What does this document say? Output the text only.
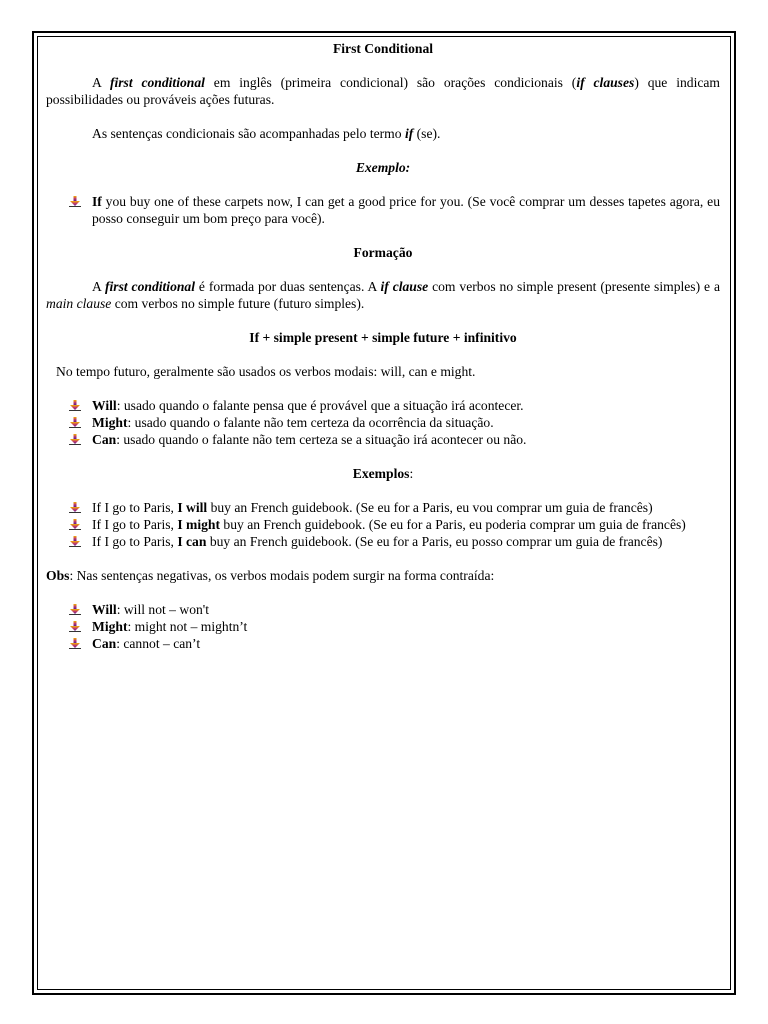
First Conditional

A first conditional em inglês (primeira condicional) são orações condicionais (if clauses) que indicam possibilidades ou prováveis ações futuras.

As sentenças condicionais são acompanhadas pelo termo if (se).

Exemplo:

If you buy one of these carpets now, I can get a good price for you. (Se você comprar um desses tapetes agora, eu posso conseguir um bom preço para você).

Formação

A first conditional é formada por duas sentenças. A if clause com verbos no simple present (presente simples) e a main clause com verbos no simple future (futuro simples).

If + simple present + simple future + infinitivo

No tempo futuro, geralmente são usados os verbos modais: will, can e might.

Will: usado quando o falante pensa que é provável que a situação irá acontecer.
Might: usado quando o falante não tem certeza da ocorrência da situação.
Can: usado quando o falante não tem certeza se a situação irá acontecer ou não.

Exemplos:

If I go to Paris, I will buy an French guidebook. (Se eu for a Paris, eu vou comprar um guia de francês)
If I go to Paris, I might buy an French guidebook. (Se eu for a Paris, eu poderia comprar um guia de francês)
If I go to Paris, I can buy an French guidebook. (Se eu for a Paris, eu posso comprar um guia de francês)

Obs: Nas sentenças negativas, os verbos modais podem surgir na forma contraída:

Will: will not – won't
Might: might not – mightn’t
Can: cannot – can’t
